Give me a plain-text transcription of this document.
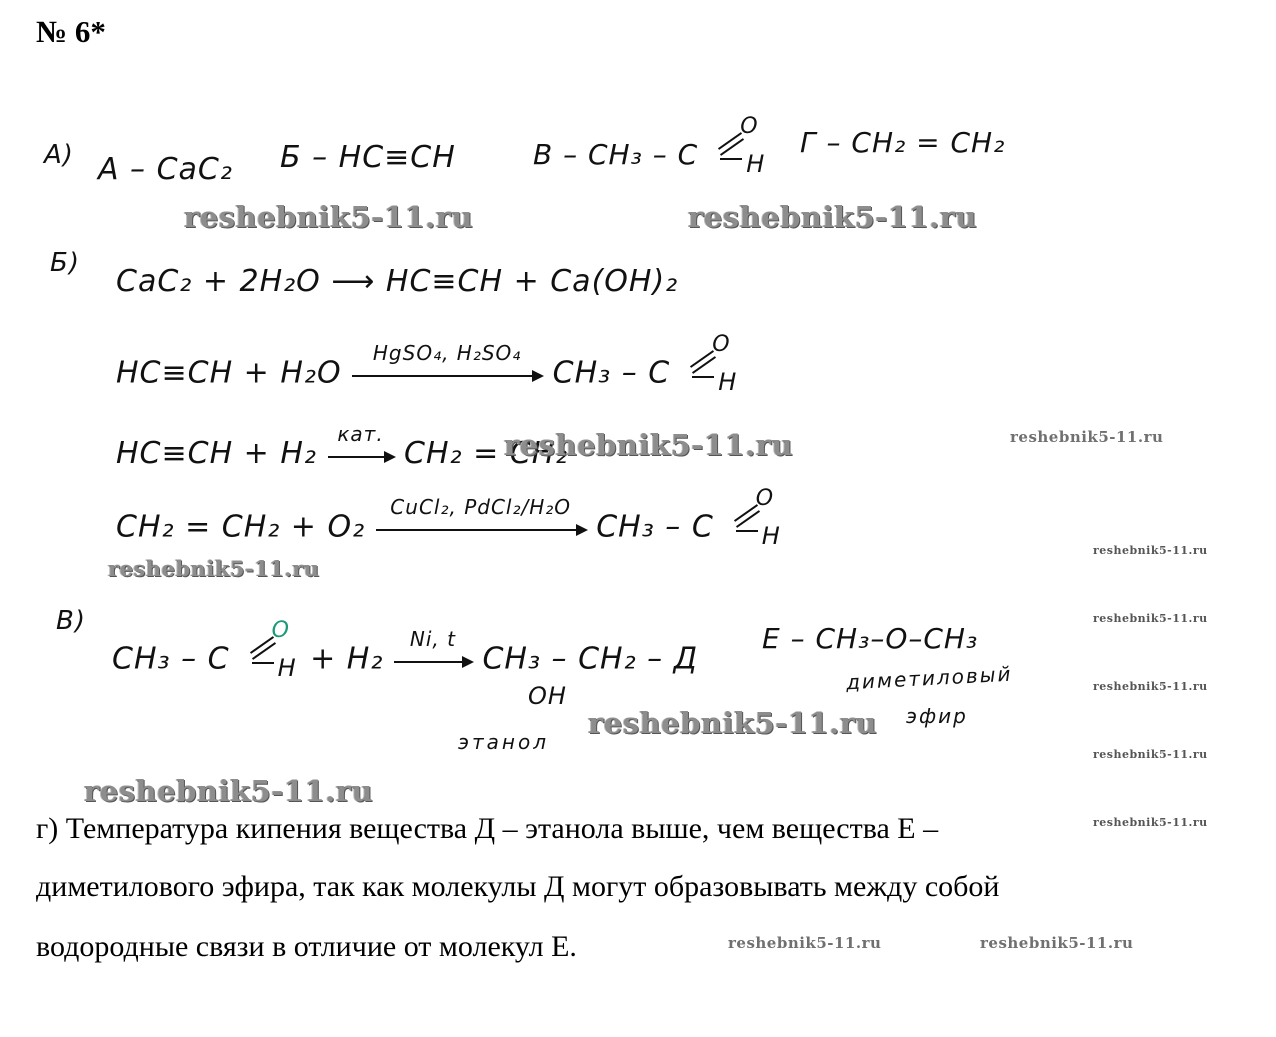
№ 6*
А) А – CaC₂ Б – HC≡CH	В – CH₃ – C
O
H
Г – CH₂ = CH₂
reshebnik5-11.ru	reshebnik5-11.ru
Б)
CaC₂ + 2H₂O ⟶ HC≡CH + Ca(OH)₂
HC≡CH + H₂O
HgSO₄, H₂SO₄
CH₃ – C
O
H
HC≡CH + H₂
кат.
CH₂ = CH₂
reshebnik5-11.ru	reshebnik5-11.ru
CH₂ = CH₂ + O₂
CuCl₂, PdCl₂/H₂O
CH₃ – C
O
H
reshebnik5-11.ru
reshebnik5-11.ru
reshebnik5-11.ru
В)
CH₃ – C
O
H + H₂
Ni, t
CH₃ – CH₂ – Д
OH
этанол
Е – CH₃–O–CH₃
диметиловый
эфир
reshebnik5-11.ru
reshebnik5-11.ru
reshebnik5-11.ru
reshebnik5-11.ru
reshebnik5-11.ru
г) Температура кипения вещества Д – этанола выше, чем вещества Е –
диметилового эфира, так как молекулы Д могут образовывать между собой
водородные связи в отличие от молекул Е.	reshebnik5-11.ru	reshebnik5-11.ru
